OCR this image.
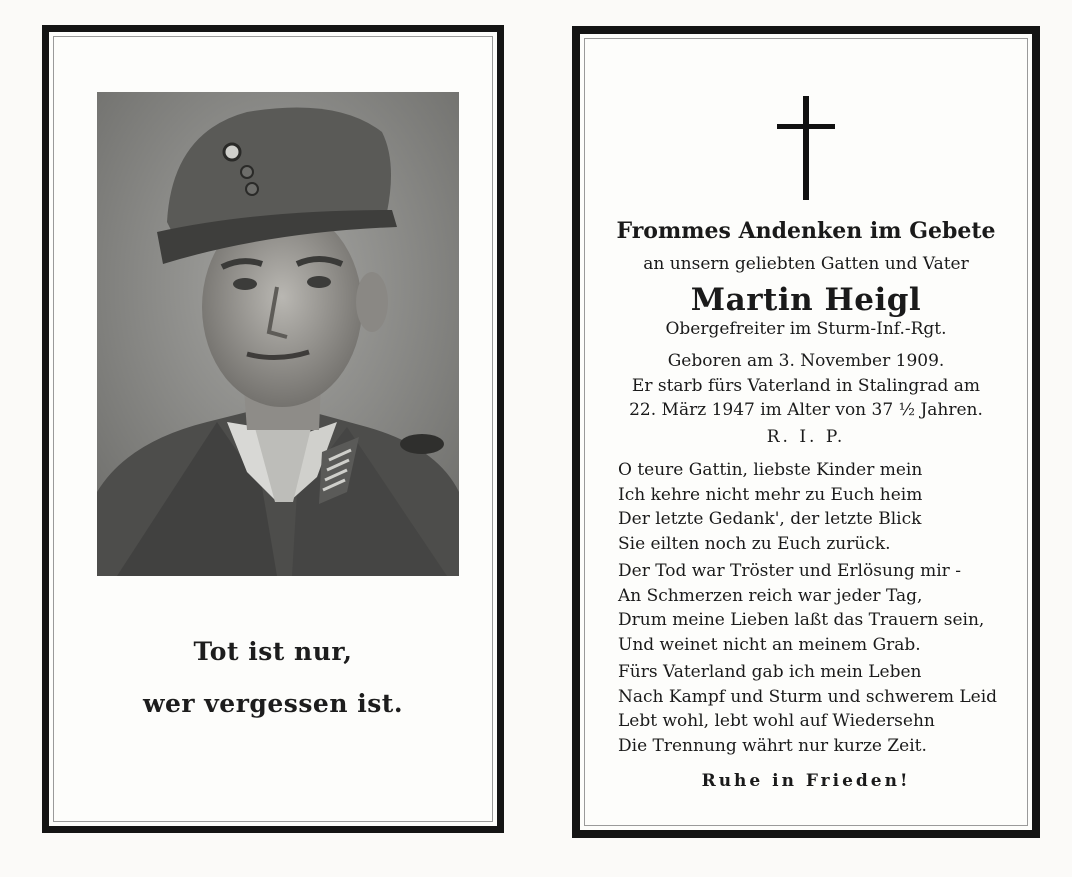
Tot ist nur,
wer vergessen ist.
Frommes Andenken im Gebete
an unsern geliebten Gatten und Vater
Martin Heigl
Obergefreiter im Sturm-Inf.-Rgt.
Geboren am 3. November 1909.
Er starb fürs Vaterland in Stalingrad am
22. März 1947 im Alter von 37 ½ Jahren.
R. I. P.
O teure Gattin, liebste Kinder mein
Ich kehre nicht mehr zu Euch heim
Der letzte Gedank', der letzte Blick
Sie eilten noch zu Euch zurück.
Der Tod war Tröster und Erlösung mir -
An Schmerzen reich war jeder Tag,
Drum meine Lieben laßt das Trauern sein,
Und weinet nicht an meinem Grab.
Fürs Vaterland gab ich mein Leben
Nach Kampf und Sturm und schwerem Leid
Lebt wohl, lebt wohl auf Wiedersehn
Die Trennung währt nur kurze Zeit.
Ruhe in Frieden!
